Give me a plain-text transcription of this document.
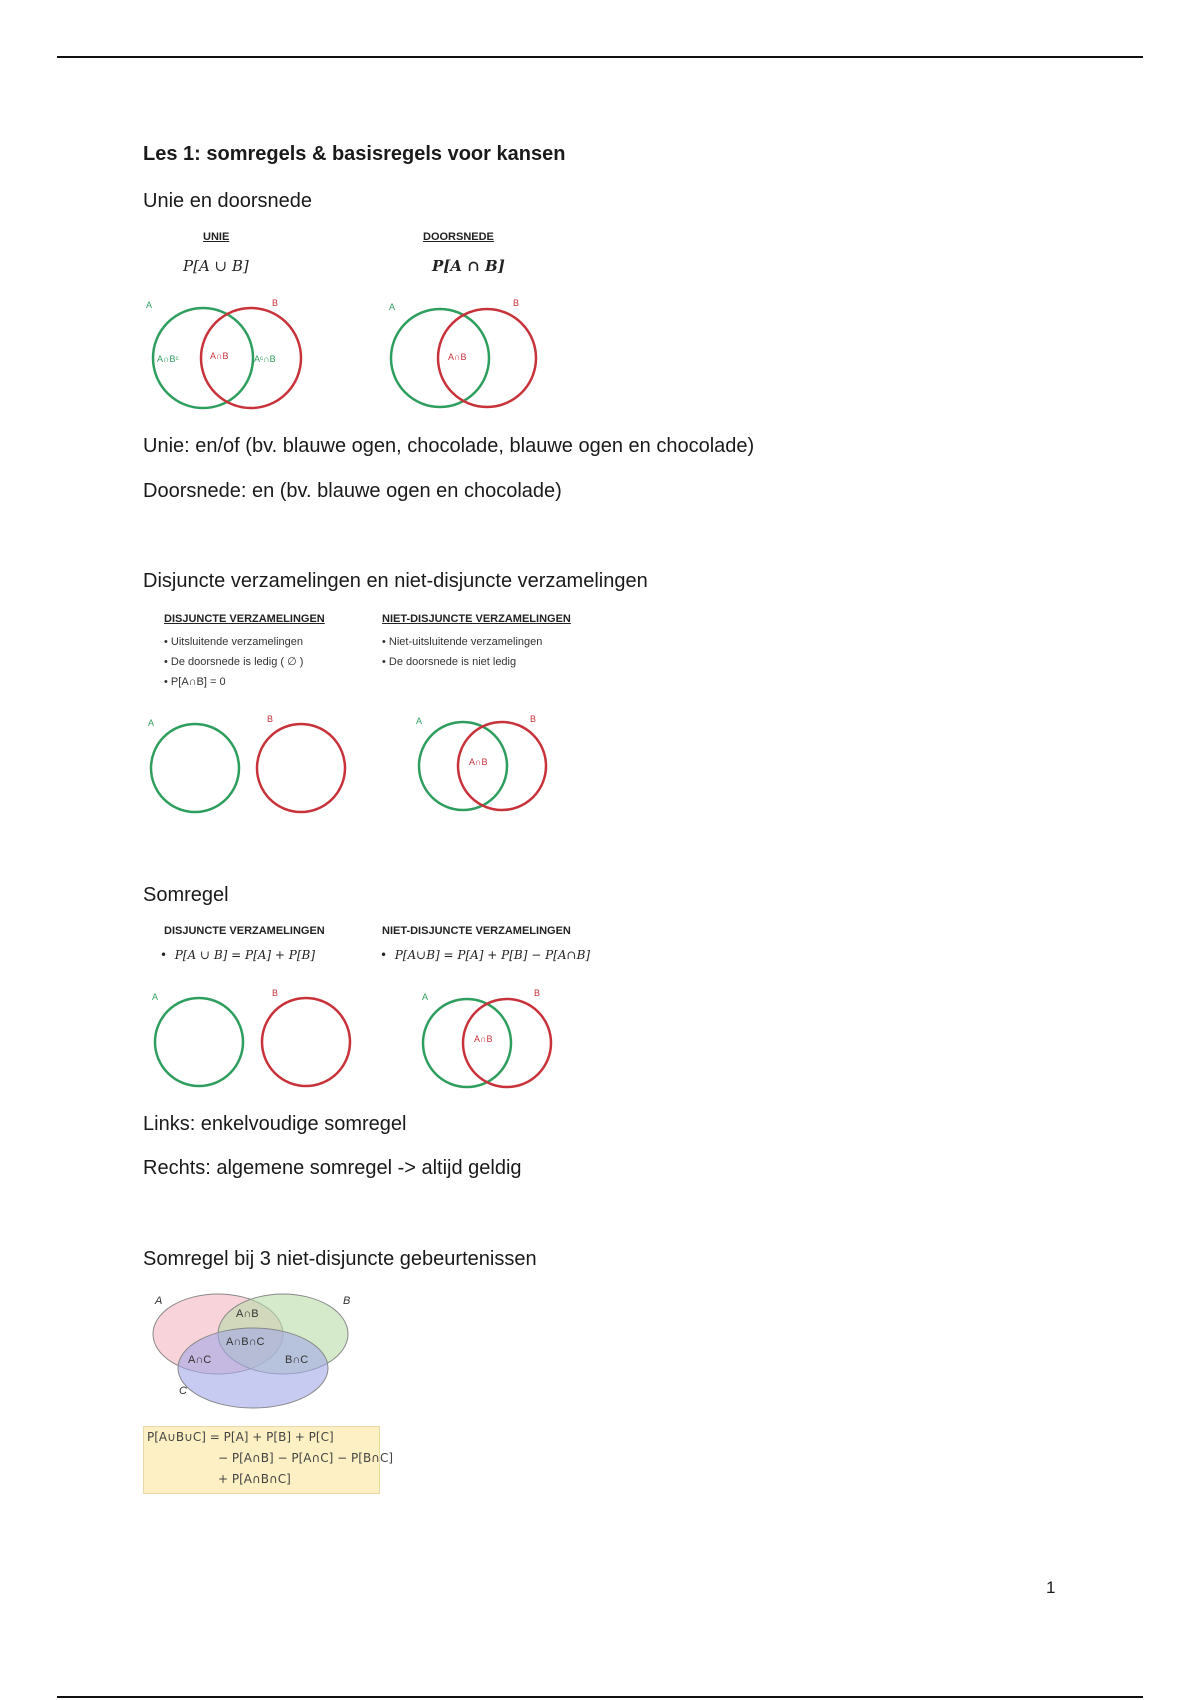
Les 1: somregels & basisregels voor kansen
Unie en doorsnede
UNIE
P[A ∪ B]
DOORSNEDE
P[A ∩ B]
A	B
A∩Bᶜ	A∩B	Aᶜ∩B
A	B
A∩B
Unie: en/of (bv. blauwe ogen, chocolade, blauwe ogen en chocolade)
Doorsnede: en (bv. blauwe ogen en chocolade)
Disjuncte verzamelingen en niet-disjuncte verzamelingen
DISJUNCTE VERZAMELINGEN
• Uitsluitende verzamelingen
• De doorsnede is ledig ( ∅ )
• P[A∩B] = 0
NIET-DISJUNCTE VERZAMELINGEN
• Niet-uitsluitende verzamelingen
• De doorsnede is niet ledig
A	B	A	B
A∩B
Somregel
DISJUNCTE VERZAMELINGEN
•  P[A ∪ B] = P[A] + P[B]
NIET-DISJUNCTE VERZAMELINGEN
•  P[A∪B] = P[A] + P[B] − P[A∩B]
A	B	A	B
A∩B
Links: enkelvoudige somregel
Rechts: algemene somregel -> altijd geldig
Somregel bij 3 niet-disjuncte gebeurtenissen
A	B
C
A∩B
A∩B∩C
A∩C	B∩C
P[A∪B∪C] = P[A] + P[B] + P[C]
− P[A∩B] − P[A∩C] − P[B∩C]
+ P[A∩B∩C]
1
